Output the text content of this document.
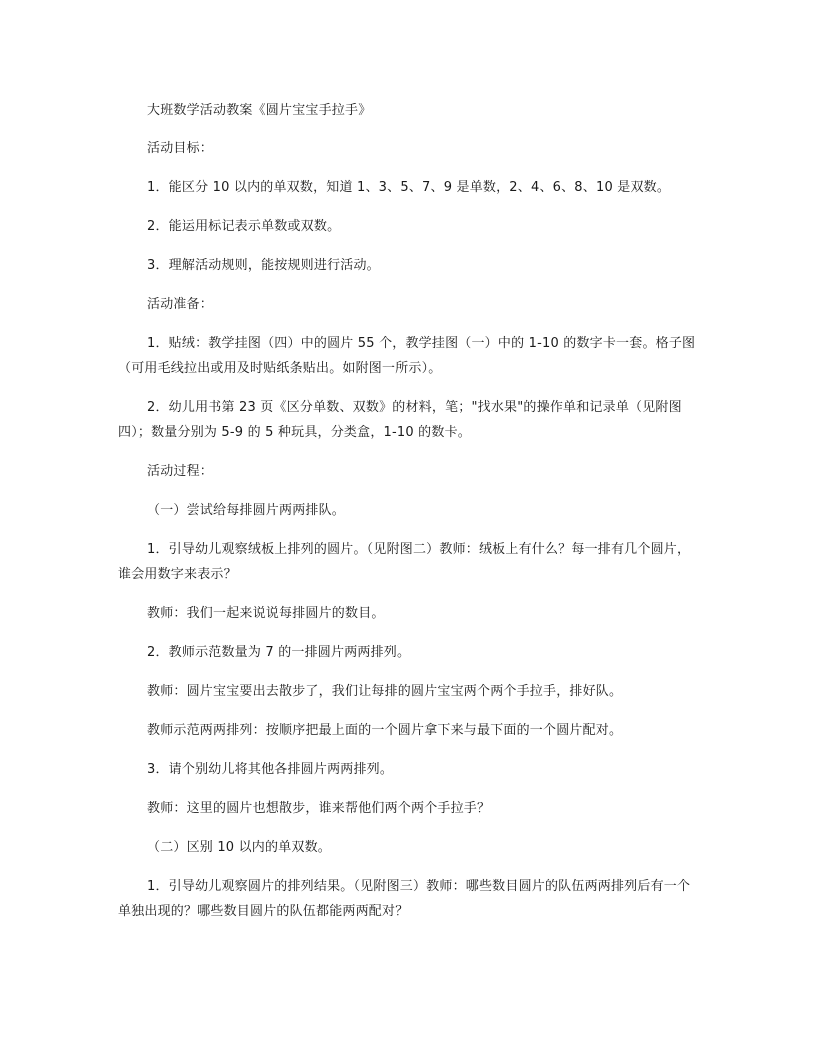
大班数学活动教案《圆片宝宝手拉手》

活动目标：

1．能区分 10 以内的单双数，知道 1、3、5、7、9 是单数，2、4、6、8、10 是双数。

2．能运用标记表示单数或双数。

3．理解活动规则，能按规则进行活动。

活动准备：

1．贴绒：教学挂图（四）中的圆片 55 个，教学挂图（一）中的 1-10 的数字卡一套。格子图（可用毛线拉出或用及时贴纸条贴出。如附图一所示）。

2．幼儿用书第 23 页《区分单数、双数》的材料，笔；"找水果"的操作单和记录单（见附图四）；数量分别为 5-9 的 5 种玩具，分类盒，1-10 的数卡。

活动过程：

（一）尝试给每排圆片两两排队。

1．引导幼儿观察绒板上排列的圆片。（见附图二）教师：绒板上有什么？每一排有几个圆片，谁会用数字来表示？

教师：我们一起来说说每排圆片的数目。

2．教师示范数量为 7 的一排圆片两两排列。

教师：圆片宝宝要出去散步了，我们让每排的圆片宝宝两个两个手拉手，排好队。

教师示范两两排列：按顺序把最上面的一个圆片拿下来与最下面的一个圆片配对。

3．请个别幼儿将其他各排圆片两两排列。

教师：这里的圆片也想散步，谁来帮他们两个两个手拉手？

（二）区别 10 以内的单双数。

1．引导幼儿观察圆片的排列结果。（见附图三）教师：哪些数目圆片的队伍两两排列后有一个单独出现的？哪些数目圆片的队伍都能两两配对？
